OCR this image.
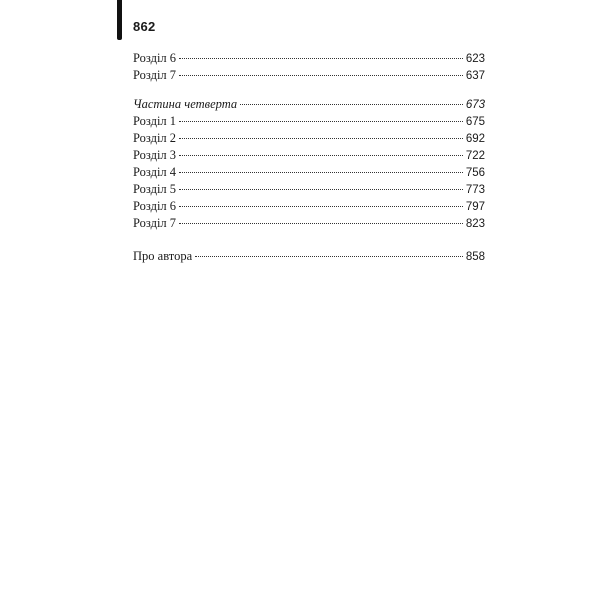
862
Розділ 6	623
Розділ 7	637
Частина четверта	673
Розділ 1	675
Розділ 2	692
Розділ 3	722
Розділ 4	756
Розділ 5	773
Розділ 6	797
Розділ 7	823
Про автора	858
